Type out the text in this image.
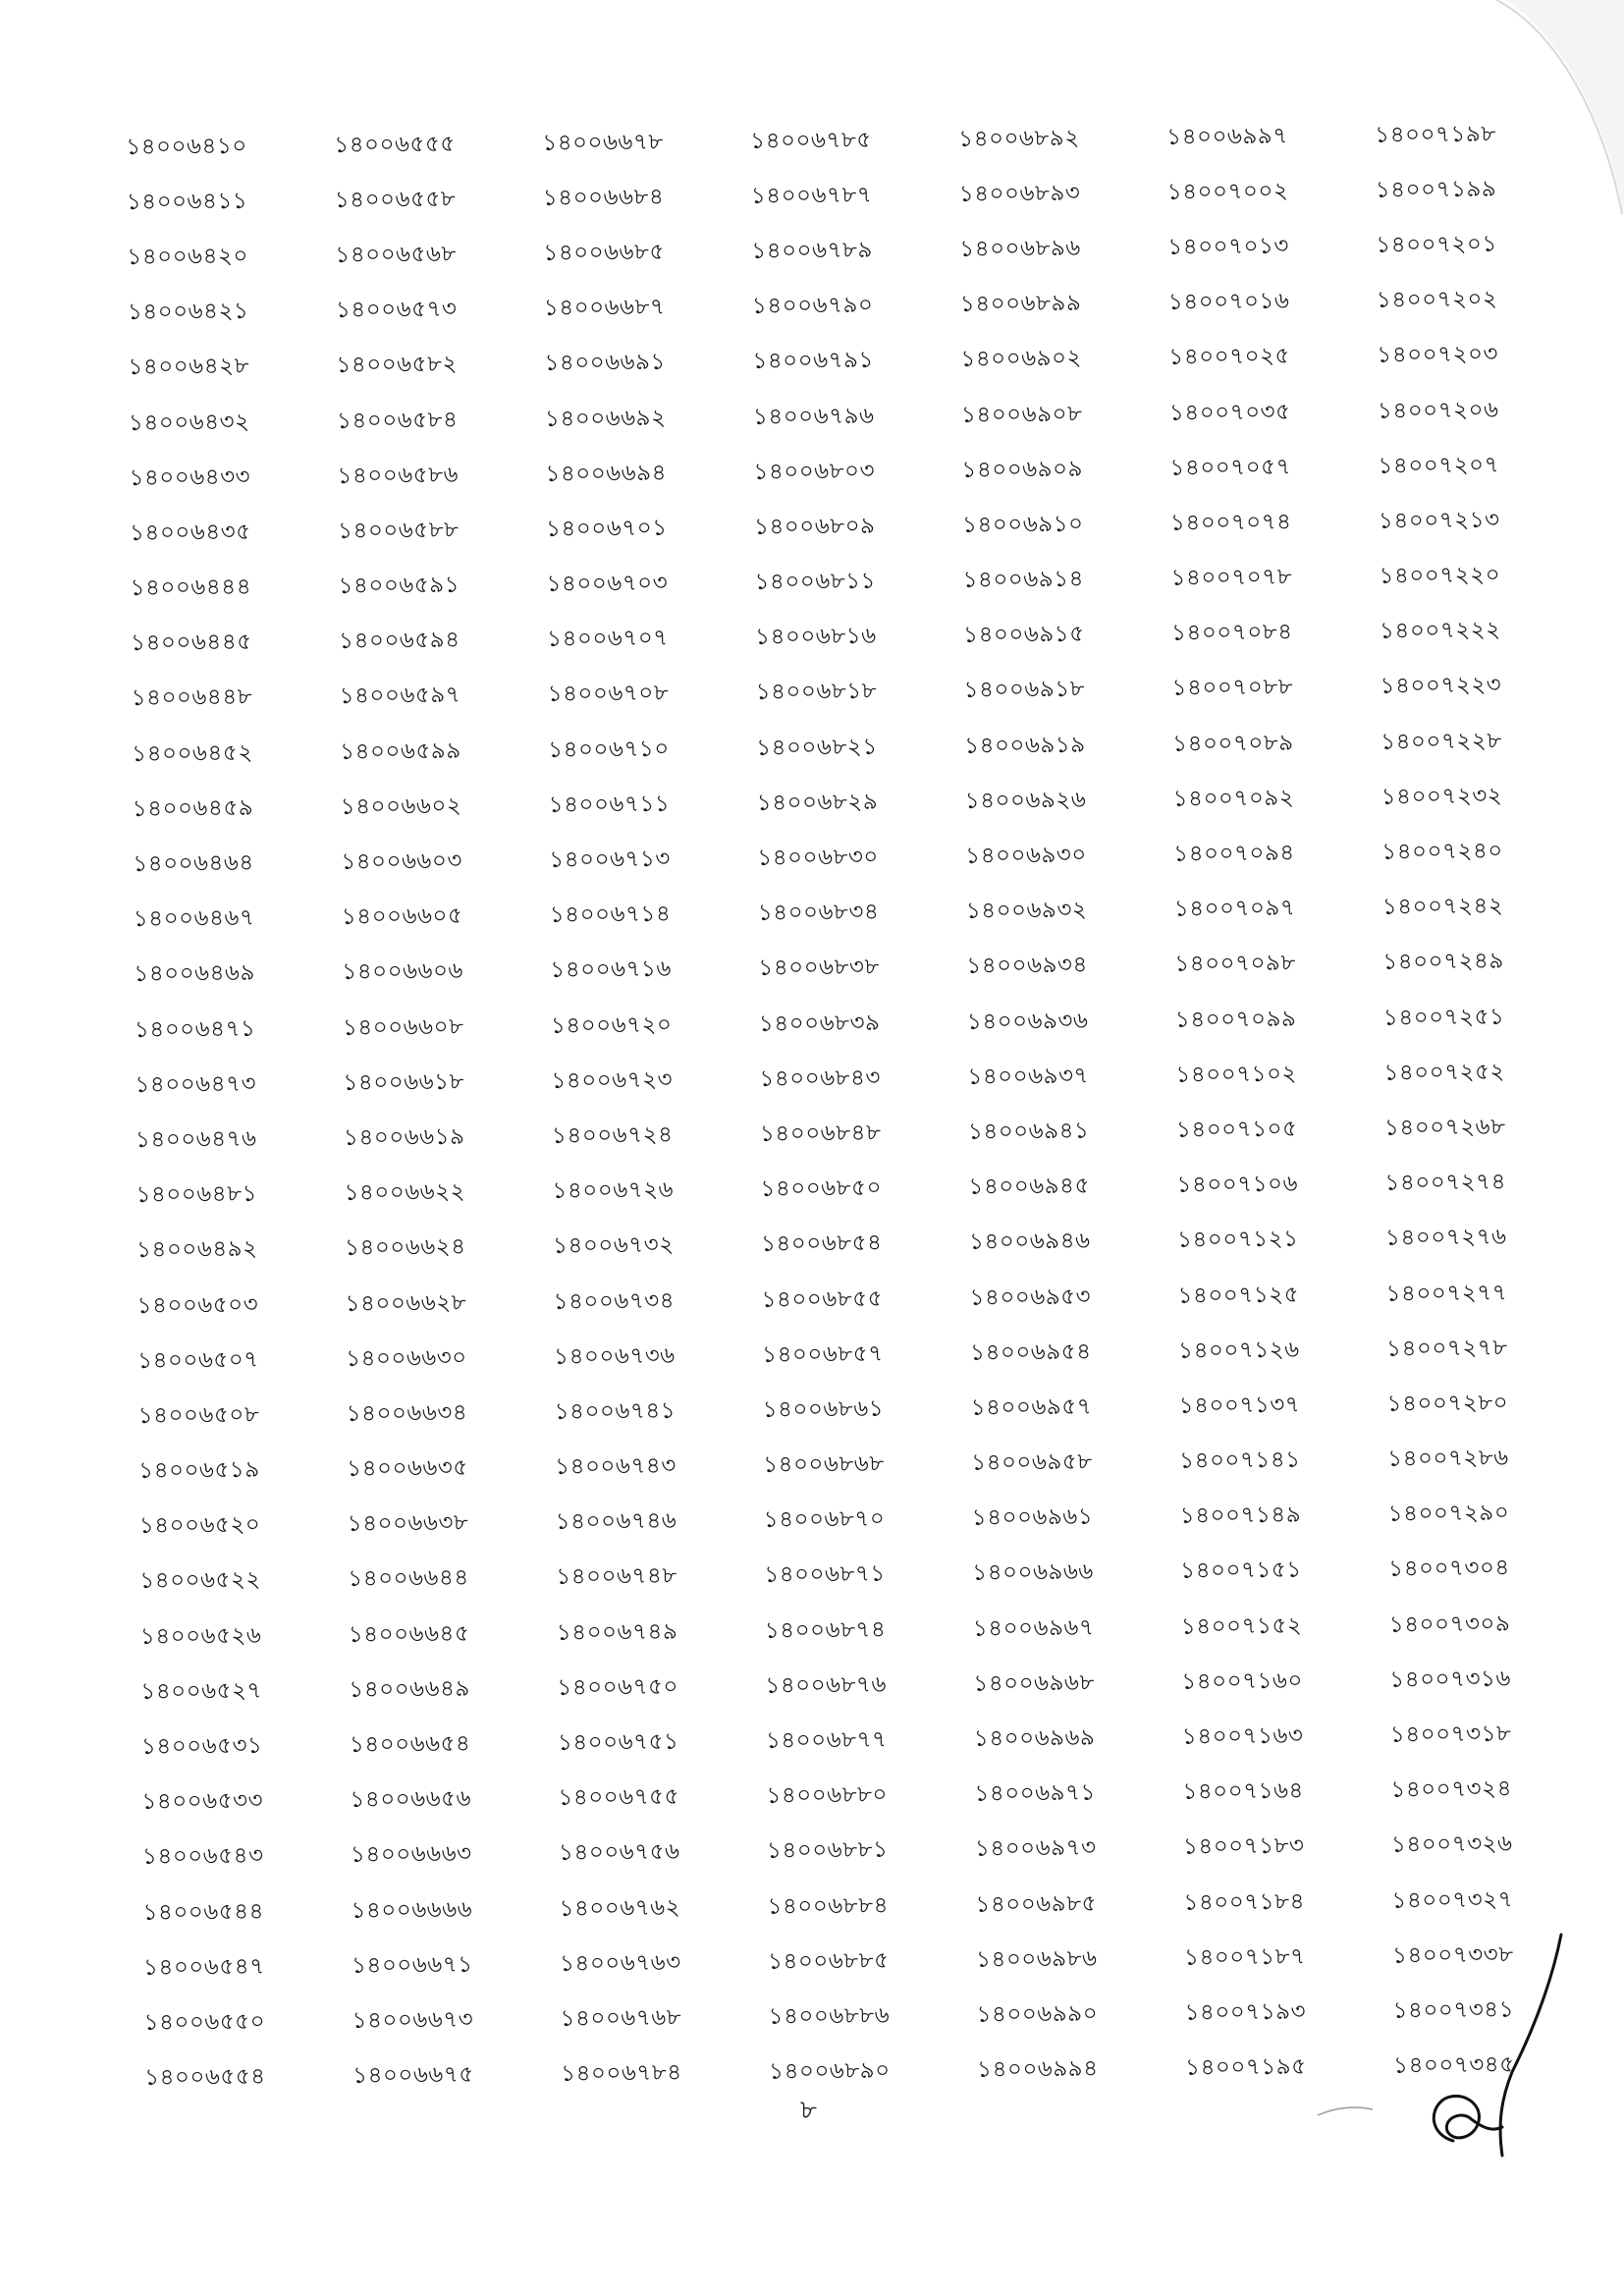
১৪০০৬৪১০	১৪০০৬৫৫৫	১৪০০৬৬৭৮	১৪০০৬৭৮৫	১৪০০৬৮৯২	১৪০০৬৯৯৭	১৪০০৭১৯৮
১৪০০৬৪১১	১৪০০৬৫৫৮	১৪০০৬৬৮৪	১৪০০৬৭৮৭	১৪০০৬৮৯৩	১৪০০৭০০২	১৪০০৭১৯৯
১৪০০৬৪২০	১৪০০৬৫৬৮	১৪০০৬৬৮৫	১৪০০৬৭৮৯	১৪০০৬৮৯৬	১৪০০৭০১৩	১৪০০৭২০১
১৪০০৬৪২১	১৪০০৬৫৭৩	১৪০০৬৬৮৭	১৪০০৬৭৯০	১৪০০৬৮৯৯	১৪০০৭০১৬	১৪০০৭২০২
১৪০০৬৪২৮	১৪০০৬৫৮২	১৪০০৬৬৯১	১৪০০৬৭৯১	১৪০০৬৯০২	১৪০০৭০২৫	১৪০০৭২০৩
১৪০০৬৪৩২	১৪০০৬৫৮৪	১৪০০৬৬৯২	১৪০০৬৭৯৬	১৪০০৬৯০৮	১৪০০৭০৩৫	১৪০০৭২০৬
১৪০০৬৪৩৩	১৪০০৬৫৮৬	১৪০০৬৬৯৪	১৪০০৬৮০৩	১৪০০৬৯০৯	১৪০০৭০৫৭	১৪০০৭২০৭
১৪০০৬৪৩৫	১৪০০৬৫৮৮	১৪০০৬৭০১	১৪০০৬৮০৯	১৪০০৬৯১০	১৪০০৭০৭৪	১৪০০৭২১৩
১৪০০৬৪৪৪	১৪০০৬৫৯১	১৪০০৬৭০৩	১৪০০৬৮১১	১৪০০৬৯১৪	১৪০০৭০৭৮	১৪০০৭২২০
১৪০০৬৪৪৫	১৪০০৬৫৯৪	১৪০০৬৭০৭	১৪০০৬৮১৬	১৪০০৬৯১৫	১৪০০৭০৮৪	১৪০০৭২২২
১৪০০৬৪৪৮	১৪০০৬৫৯৭	১৪০০৬৭০৮	১৪০০৬৮১৮	১৪০০৬৯১৮	১৪০০৭০৮৮	১৪০০৭২২৩
১৪০০৬৪৫২	১৪০০৬৫৯৯	১৪০০৬৭১০	১৪০০৬৮২১	১৪০০৬৯১৯	১৪০০৭০৮৯	১৪০০৭২২৮
১৪০০৬৪৫৯	১৪০০৬৬০২	১৪০০৬৭১১	১৪০০৬৮২৯	১৪০০৬৯২৬	১৪০০৭০৯২	১৪০০৭২৩২
১৪০০৬৪৬৪	১৪০০৬৬০৩	১৪০০৬৭১৩	১৪০০৬৮৩০	১৪০০৬৯৩০	১৪০০৭০৯৪	১৪০০৭২৪০
১৪০০৬৪৬৭	১৪০০৬৬০৫	১৪০০৬৭১৪	১৪০০৬৮৩৪	১৪০০৬৯৩২	১৪০০৭০৯৭	১৪০০৭২৪২
১৪০০৬৪৬৯	১৪০০৬৬০৬	১৪০০৬৭১৬	১৪০০৬৮৩৮	১৪০০৬৯৩৪	১৪০০৭০৯৮	১৪০০৭২৪৯
১৪০০৬৪৭১	১৪০০৬৬০৮	১৪০০৬৭২০	১৪০০৬৮৩৯	১৪০০৬৯৩৬	১৪০০৭০৯৯	১৪০০৭২৫১
১৪০০৬৪৭৩	১৪০০৬৬১৮	১৪০০৬৭২৩	১৪০০৬৮৪৩	১৪০০৬৯৩৭	১৪০০৭১০২	১৪০০৭২৫২
১৪০০৬৪৭৬	১৪০০৬৬১৯	১৪০০৬৭২৪	১৪০০৬৮৪৮	১৪০০৬৯৪১	১৪০০৭১০৫	১৪০০৭২৬৮
১৪০০৬৪৮১	১৪০০৬৬২২	১৪০০৬৭২৬	১৪০০৬৮৫০	১৪০০৬৯৪৫	১৪০০৭১০৬	১৪০০৭২৭৪
১৪০০৬৪৯২	১৪০০৬৬২৪	১৪০০৬৭৩২	১৪০০৬৮৫৪	১৪০০৬৯৪৬	১৪০০৭১২১	১৪০০৭২৭৬
১৪০০৬৫০৩	১৪০০৬৬২৮	১৪০০৬৭৩৪	১৪০০৬৮৫৫	১৪০০৬৯৫৩	১৪০০৭১২৫	১৪০০৭২৭৭
১৪০০৬৫০৭	১৪০০৬৬৩০	১৪০০৬৭৩৬	১৪০০৬৮৫৭	১৪০০৬৯৫৪	১৪০০৭১২৬	১৪০০৭২৭৮
১৪০০৬৫০৮	১৪০০৬৬৩৪	১৪০০৬৭৪১	১৪০০৬৮৬১	১৪০০৬৯৫৭	১৪০০৭১৩৭	১৪০০৭২৮০
১৪০০৬৫১৯	১৪০০৬৬৩৫	১৪০০৬৭৪৩	১৪০০৬৮৬৮	১৪০০৬৯৫৮	১৪০০৭১৪১	১৪০০৭২৮৬
১৪০০৬৫২০	১৪০০৬৬৩৮	১৪০০৬৭৪৬	১৪০০৬৮৭০	১৪০০৬৯৬১	১৪০০৭১৪৯	১৪০০৭২৯০
১৪০০৬৫২২	১৪০০৬৬৪৪	১৪০০৬৭৪৮	১৪০০৬৮৭১	১৪০০৬৯৬৬	১৪০০৭১৫১	১৪০০৭৩০৪
১৪০০৬৫২৬	১৪০০৬৬৪৫	১৪০০৬৭৪৯	১৪০০৬৮৭৪	১৪০০৬৯৬৭	১৪০০৭১৫২	১৪০০৭৩০৯
১৪০০৬৫২৭	১৪০০৬৬৪৯	১৪০০৬৭৫০	১৪০০৬৮৭৬	১৪০০৬৯৬৮	১৪০০৭১৬০	১৪০০৭৩১৬
১৪০০৬৫৩১	১৪০০৬৬৫৪	১৪০০৬৭৫১	১৪০০৬৮৭৭	১৪০০৬৯৬৯	১৪০০৭১৬৩	১৪০০৭৩১৮
১৪০০৬৫৩৩	১৪০০৬৬৫৬	১৪০০৬৭৫৫	১৪০০৬৮৮০	১৪০০৬৯৭১	১৪০০৭১৬৪	১৪০০৭৩২৪
১৪০০৬৫৪৩	১৪০০৬৬৬৩	১৪০০৬৭৫৬	১৪০০৬৮৮১	১৪০০৬৯৭৩	১৪০০৭১৮৩	১৪০০৭৩২৬
১৪০০৬৫৪৪	১৪০০৬৬৬৬	১৪০০৬৭৬২	১৪০০৬৮৮৪	১৪০০৬৯৮৫	১৪০০৭১৮৪	১৪০০৭৩২৭
১৪০০৬৫৪৭	১৪০০৬৬৭১	১৪০০৬৭৬৩	১৪০০৬৮৮৫	১৪০০৬৯৮৬	১৪০০৭১৮৭	১৪০০৭৩৩৮
১৪০০৬৫৫০	১৪০০৬৬৭৩	১৪০০৬৭৬৮	১৪০০৬৮৮৬	১৪০০৬৯৯০	১৪০০৭১৯৩	১৪০০৭৩৪১
১৪০০৬৫৫৪	১৪০০৬৬৭৫	১৪০০৬৭৮৪	১৪০০৬৮৯০	১৪০০৬৯৯৪	১৪০০৭১৯৫	১৪০০৭৩৪৫
৮
